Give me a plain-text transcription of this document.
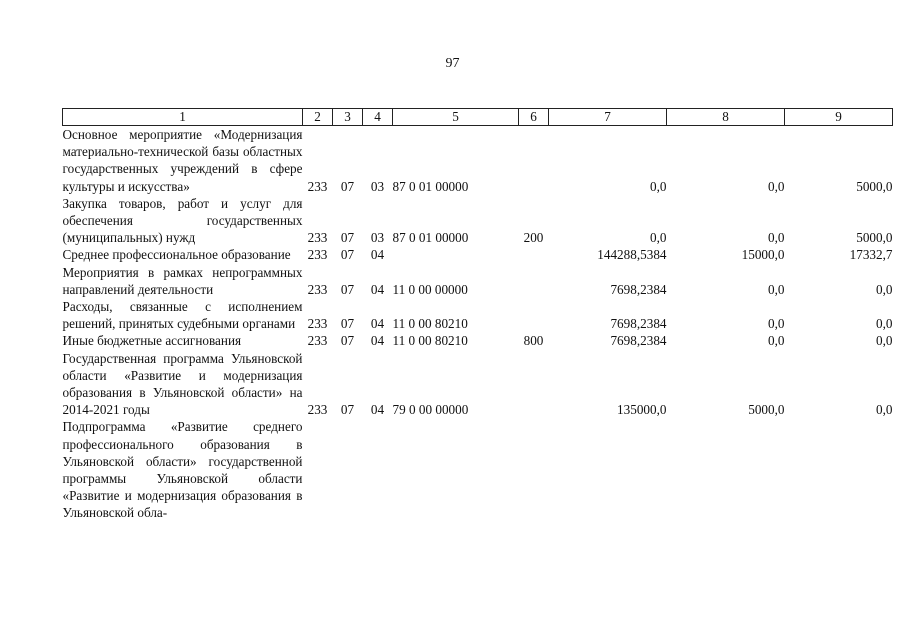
97
1	2	3	4	5	6	7	8	9
Основное мероприятие «Модернизация материально-технической базы областных государственных учреждений в сфере культуры и искусства»	233	07	03	87 0 01 00000		0,0	0,0	5000,0
Закупка товаров, работ и услуг для обеспечения государственных (муниципальных) нужд	233	07	03	87 0 01 00000	200	0,0	0,0	5000,0
Среднее профессиональное образование	233	07	04			144288,5384	15000,0	17332,7
Мероприятия в рамках непрограммных направлений деятельности	233	07	04	11 0 00 00000		7698,2384	0,0	0,0
Расходы, связанные с исполнением решений, принятых судебными органами	233	07	04	11 0 00 80210		7698,2384	0,0	0,0
Иные бюджетные ассигнования	233	07	04	11 0 00 80210	800	7698,2384	0,0	0,0
Государственная программа Ульяновской области «Развитие и модернизация образования в Ульяновской области» на 2014-2021 годы	233	07	04	79 0 00 00000		135000,0	5000,0	0,0
Подпрограмма «Развитие среднего профессионального образования в Ульяновской области» государственной программы Ульяновской области «Развитие и модернизация образования в Ульяновской обла-								
